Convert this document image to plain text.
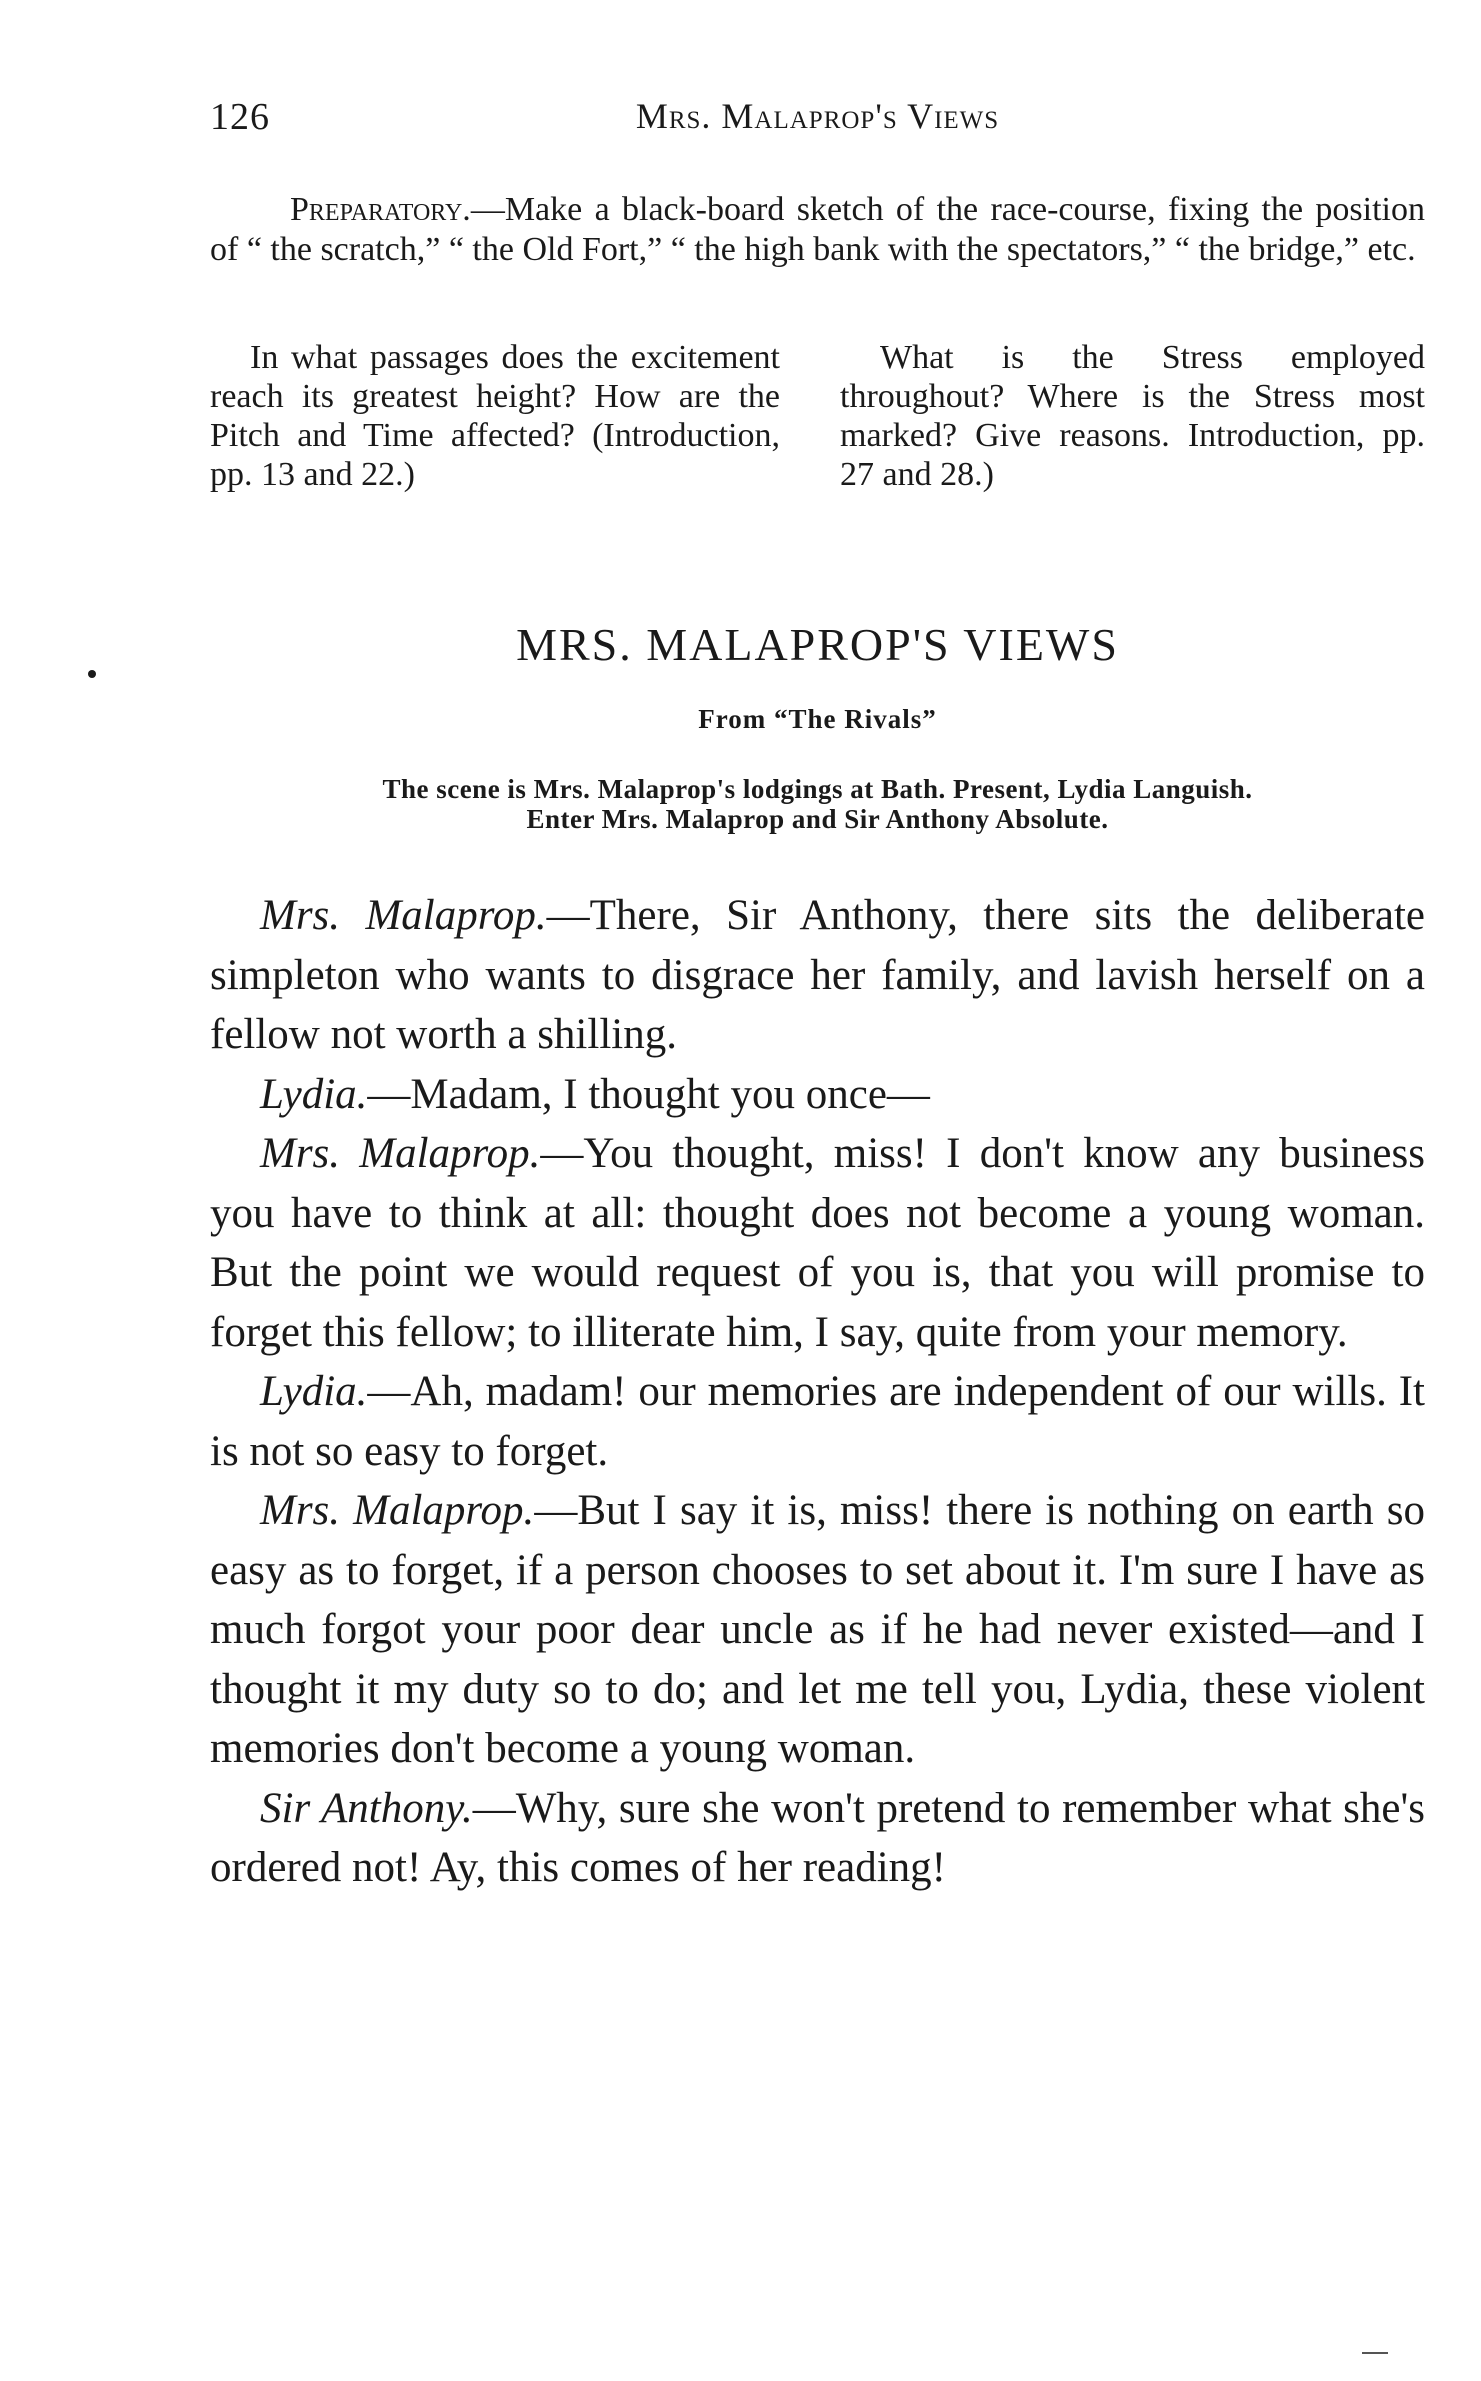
126	Mrs. Malaprop's Views

Preparatory.—Make a black-board sketch of the race-course, fixing the position of “ the scratch,” “ the Old Fort,” “ the high bank with the spectators,” “ the bridge,” etc.

In what passages does the excitement reach its greatest height? How are the Pitch and Time affected? (Introduction, pp. 13 and 22.)

What is the Stress employed throughout? Where is the Stress most marked? Give reasons. Introduction, pp. 27 and 28.)

MRS. MALAPROP'S VIEWS
From “The Rivals”
The scene is Mrs. Malaprop's lodgings at Bath. Present, Lydia Languish.
Enter Mrs. Malaprop and Sir Anthony Absolute.

Mrs. Malaprop.—There, Sir Anthony, there sits the deliberate simpleton who wants to disgrace her family, and lavish herself on a fellow not worth a shilling.

Lydia.—Madam, I thought you once—

Mrs. Malaprop.—You thought, miss! I don't know any business you have to think at all: thought does not become a young woman. But the point we would request of you is, that you will promise to forget this fellow; to illiterate him, I say, quite from your memory.

Lydia.—Ah, madam! our memories are independent of our wills. It is not so easy to forget.

Mrs. Malaprop.—But I say it is, miss! there is nothing on earth so easy as to forget, if a person chooses to set about it. I'm sure I have as much forgot your poor dear uncle as if he had never existed—and I thought it my duty so to do; and let me tell you, Lydia, these violent memories don't become a young woman.

Sir Anthony.—Why, sure she won't pretend to remember what she's ordered not! Ay, this comes of her reading!
